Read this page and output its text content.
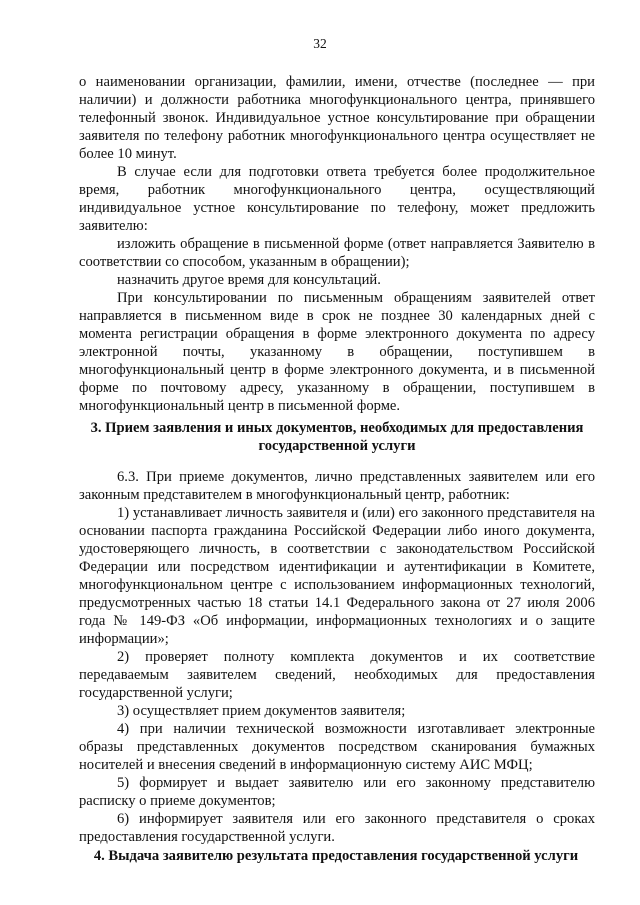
32

о наименовании организации, фамилии, имени, отчестве (последнее — при наличии) и должности работника многофункционального центра, принявшего телефонный звонок. Индивидуальное устное консультирование при обращении заявителя по телефону работник многофункционального центра осуществляет не более 10 минут.

В случае если для подготовки ответа требуется более продолжительное время, работник многофункционального центра, осуществляющий индивидуальное устное консультирование по телефону, может предложить заявителю:

изложить обращение в письменной форме (ответ направляется Заявителю в соответствии со способом, указанным в обращении);

назначить другое время для консультаций.

При консультировании по письменным обращениям заявителей ответ направляется в письменном виде в срок не позднее 30 календарных дней с момента регистрации обращения в форме электронного документа по адресу электронной почты, указанному в обращении, поступившем в многофункциональный центр в форме электронного документа, и в письменной форме по почтовому адресу, указанному в обращении, поступившем в многофункциональный центр в письменной форме.

3. Прием заявления и иных документов, необходимых для предоставления

государственной услуги

6.3. При приеме документов, лично представленных заявителем или его законным представителем в многофункциональный центр, работник:

1) устанавливает личность заявителя и (или) его законного представителя на основании паспорта гражданина Российской Федерации либо иного документа, удостоверяющего личность, в соответствии с законодательством Российской Федерации или посредством идентификации и аутентификации в Комитете, многофункциональном центре с использованием информационных технологий, предусмотренных частью 18 статьи 14.1 Федерального закона от 27 июля 2006 года № 149-ФЗ «Об информации, информационных технологиях и о защите информации»;

2) проверяет полноту комплекта документов и их соответствие передаваемым заявителем сведений, необходимых для предоставления государственной услуги;

3) осуществляет прием документов заявителя;

4) при наличии технической возможности изготавливает электронные образы представленных документов посредством сканирования бумажных носителей и внесения сведений в информационную систему АИС МФЦ;

5) формирует и выдает заявителю или его законному представителю расписку о приеме документов;

6) информирует заявителя или его законного представителя о сроках предоставления государственной услуги.

4. Выдача заявителю результата предоставления государственной услуги
